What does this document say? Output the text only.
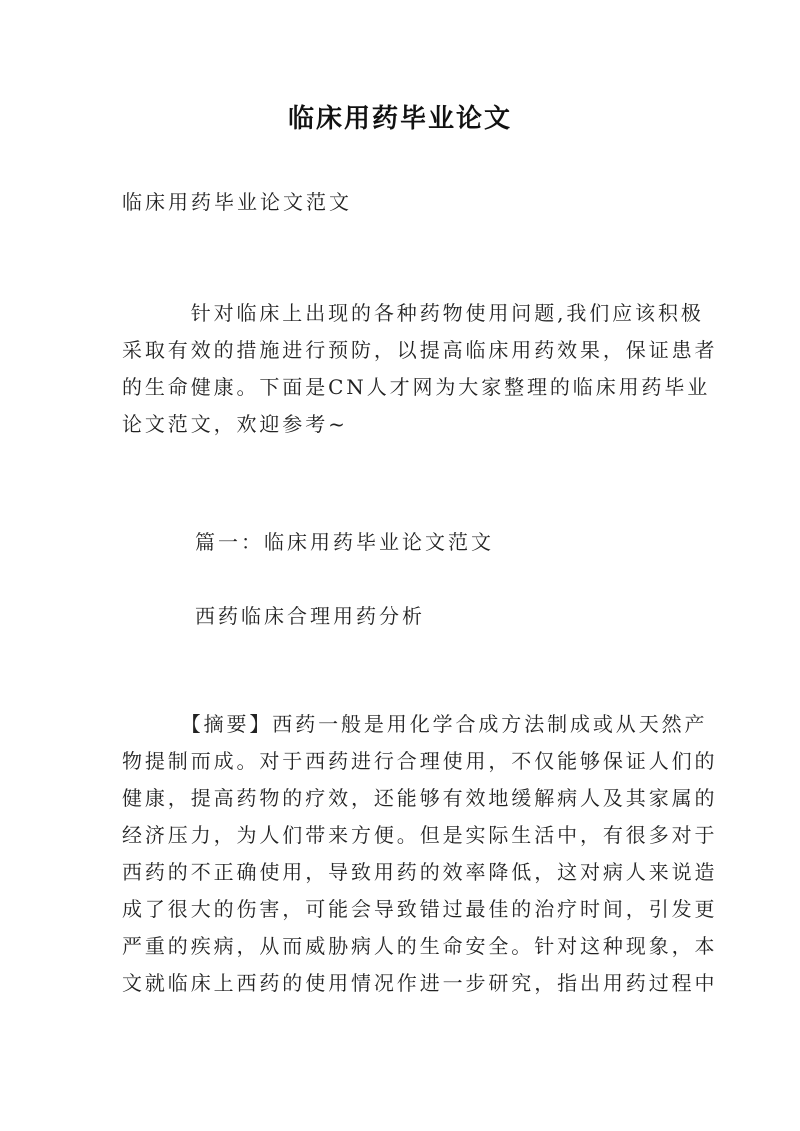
临床用药毕业论文
临床用药毕业论文范文
　　　针对临床上出现的各种药物使用问题,我们应该积极
采取有效的措施进行预防，以提高临床用药效果，保证患者
的生命健康。下面是CN人才网为大家整理的临床用药毕业
论文范文，欢迎参考~
篇一：临床用药毕业论文范文
西药临床合理用药分析
　　　【摘要】西药一般是用化学合成方法制成或从天然产
物提制而成。对于西药进行合理使用，不仅能够保证人们的
健康，提高药物的疗效，还能够有效地缓解病人及其家属的
经济压力，为人们带来方便。但是实际生活中，有很多对于
西药的不正确使用，导致用药的效率降低，这对病人来说造
成了很大的伤害，可能会导致错过最佳的治疗时间，引发更
严重的疾病，从而威胁病人的生命安全。针对这种现象，本
文就临床上西药的使用情况作进一步研究，指出用药过程中
